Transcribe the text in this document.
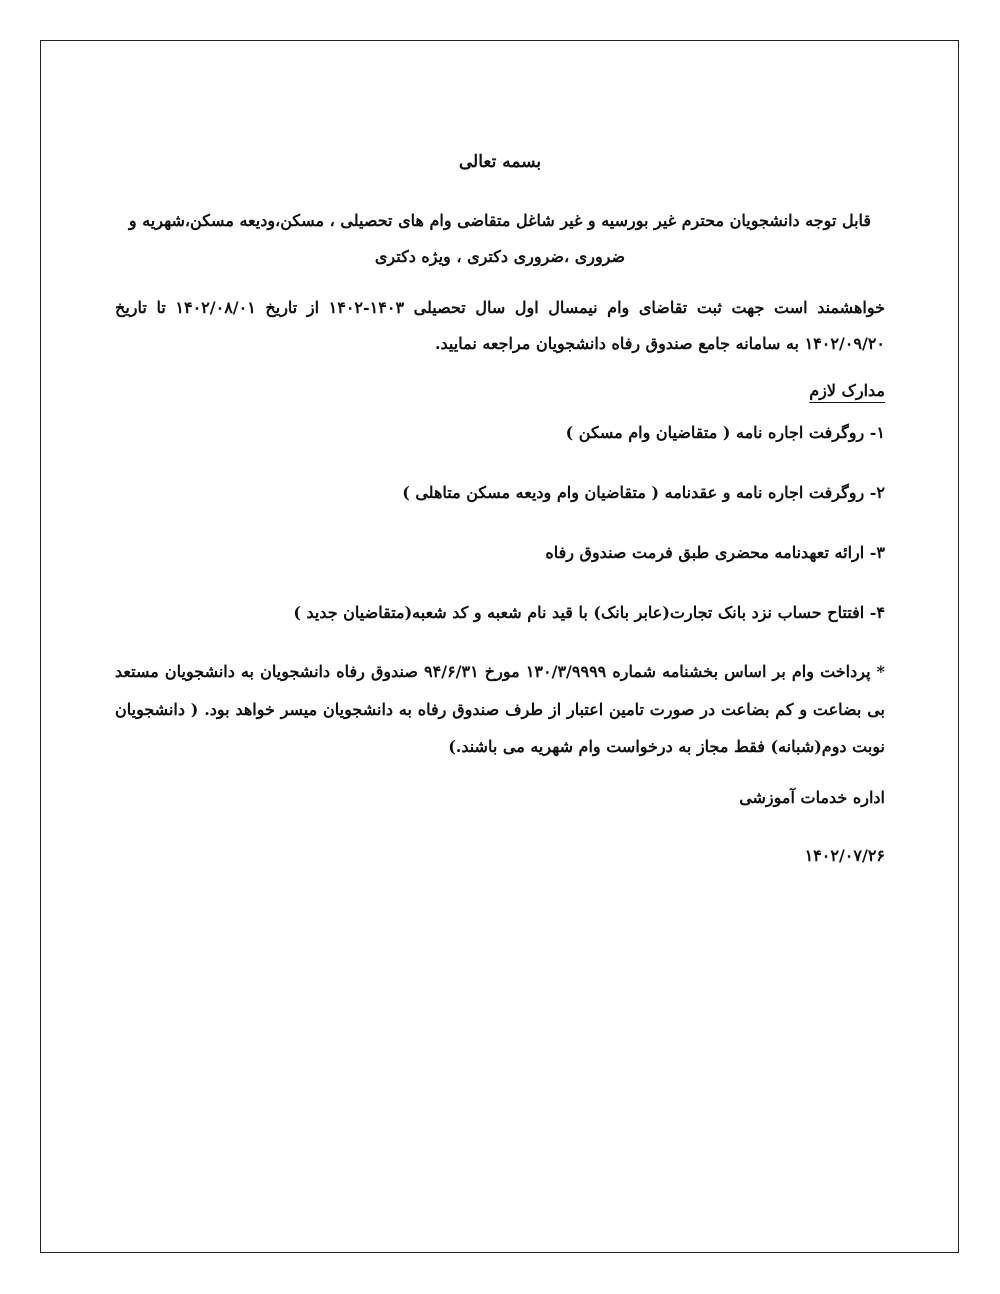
بسمه تعالی

قابل توجه دانشجویان محترم غیر بورسیه و غیر شاغل متقاضی وام های تحصیلی ، مسکن،ودیعه مسکن،شهریه و ضروری ،ضروری دکتری ، ویژه دکتری

خواهشمند است جهت ثبت تقاضای وام نیمسال اول سال تحصیلی ۱۴۰۳-۱۴۰۲ از تاریخ ۱۴۰۲/۰۸/۰۱ تا تاریخ ۱۴۰۲/۰۹/۲۰ به سامانه جامع صندوق رفاه دانشجویان مراجعه نمایید.

مدارک لازم

۱- روگرفت اجاره نامه ( متقاضیان وام مسکن )
۲- روگرفت اجاره نامه و عقدنامه ( متقاضیان وام ودیعه مسکن متاهلی )
۳- ارائه تعهدنامه محضری طبق فرمت صندوق رفاه
۴- افتتاح حساب نزد بانک تجارت(عابر بانک) با قید نام شعبه و کد شعبه(متقاضیان جدید )

* پرداخت وام بر اساس بخشنامه شماره ۱۳۰/۳/۹۹۹۹ مورخ ۹۴/۶/۳۱ صندوق رفاه دانشجویان به دانشجویان مستعد بی بضاعت و کم بضاعت در صورت تامین اعتبار از طرف صندوق رفاه به دانشجویان میسر خواهد بود. ( دانشجویان نوبت دوم(شبانه) فقط مجاز به درخواست وام شهریه می باشند.)

اداره خدمات آموزشی

۱۴۰۲/۰۷/۲۶
